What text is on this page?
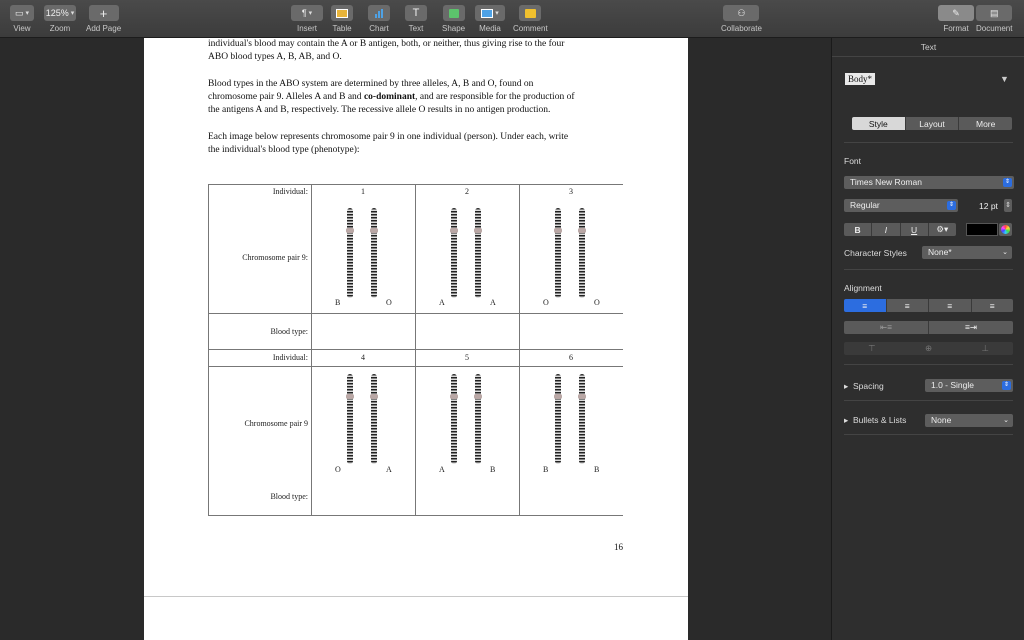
▭ ▾
View
125% ▾
Zoom
+
Add Page
¶ ▾
Insert Table Chart
T
Text Shape
▾
Media Comment
⚇
Collaborate
✎
Format
▤
Document
individual's blood may contain the A or B antigen, both, or neither, thus giving rise to the four
ABO blood types A, B, AB, and O.
Blood types in the ABO system are determined by three alleles, A, B and O, found on
chromosome pair 9. Alleles A and B and co-dominant, and are responsible for the production of
the antigens A and B, respectively. The recessive allele O results in no antigen production.
Each image below represents chromosome pair 9 in one individual (person). Under each, write
the individual's blood type (phenotype):
Individual:
Chromosome pair 9:
Blood type:
Individual:
Chromosome pair 9
Blood type:
1	2	3
B	O	A	A	O	O
4	5	6
O	A	A	B	B	B
16
Text
Body*	▼
Style	Layout	More
Font
Times New Roman	⇕
Regular	⇕	12 pt ⇕
B	I	U	⚙▾
Character Styles	None*	⌄
Alignment
≡	≡	≡	≡
⇤≡	≡⇥
⊤	⊕	⊥
▸ Spacing	1.0 - Single	⇕
▸ Bullets & Lists	None	⌄
